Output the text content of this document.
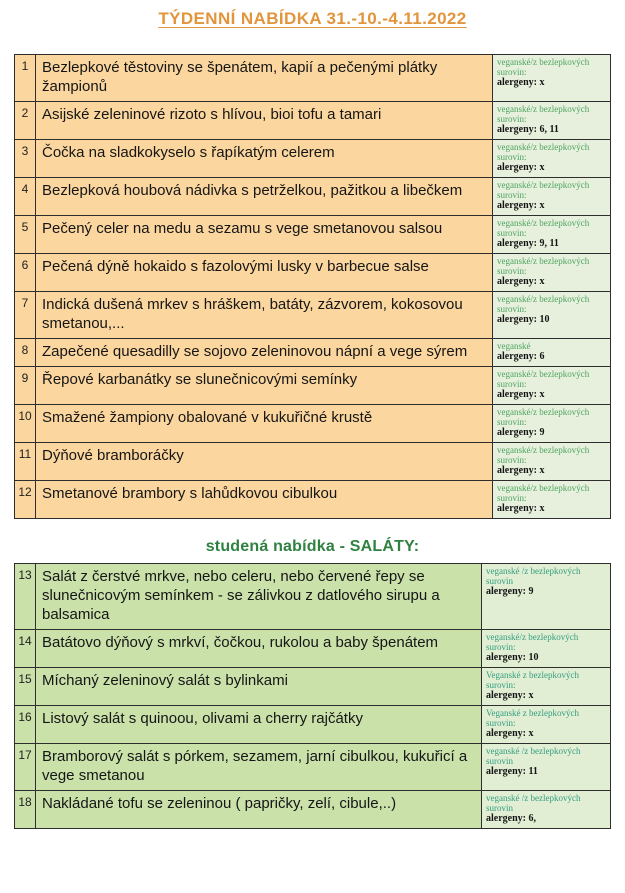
TÝDENNÍ NABÍDKA 31.-10.-4.11.2022
1 Bezlepkové těstoviny se špenátem, kapií a pečenými plátky žampionů
veganské/z bezlepkových surovin:
alergeny: x
2 Asijské zeleninové rizoto s hlívou, bioi tofu a tamari	veganské/z bezlepkových surovin:
alergeny: 6, 11
3 Čočka na sladkokyselo s řapíkatým celerem	veganské/z bezlepkových surovin:
alergeny: x
4 Bezlepková houbová nádivka s petrželkou, pažitkou a libečkem	veganské/z bezlepkových surovin:
alergeny: x
5 Pečený celer na medu a sezamu s vege smetanovou salsou	veganské/z bezlepkových surovin:
alergeny: 9, 11
6 Pečená dýně hokaido s fazolovými lusky v barbecue salse	veganské/z bezlepkových surovin:
alergeny: x
7 Indická dušená mrkev s hráškem, batáty, zázvorem, kokosovou smetanou,...
veganské/z bezlepkových surovin:
alergeny: 10
8 Zapečené quesadilly se sojovo zeleninovou nápní a vege sýrem	veganské
alergeny: 6
9 Řepové karbanátky se slunečnicovými semínky	veganské/z bezlepkových surovin:
alergeny: x
10 Smažené žampiony obalované v kukuřičné krustě	veganské/z bezlepkových surovin:
alergeny: 9
11 Dýňové bramboráčky	veganské/z bezlepkových surovin:
alergeny: x
12 Smetanové brambory s lahůdkovou cibulkou	veganské/z bezlepkových surovin:
alergeny: x
studená nabídka - SALÁTY:
13 Salát z čerstvé mrkve, nebo celeru, nebo červené řepy se slunečnicovým semínkem - se zálivkou z datlového sirupu a balsamica
veganské /z bezlepkových surovin
alergeny: 9
14 Batátovo dýňový s mrkví, čočkou, rukolou a baby špenátem	veganské/z bezlepkových surovin:
alergeny: 10
15 Míchaný zeleninový salát s bylinkami	Veganské z bezlepkových surovin:
alergeny: x
16 Listový salát s quinoou, olivami a cherry rajčátky	Veganské z bezlepkových surovin:
alergeny: x
17 Bramborový salát s pórkem, sezamem, jarní cibulkou, kukuřicí a vege smetanou
veganské /z bezlepkových surovin
alergeny: 11
18 Nakládané tofu se zeleninou ( papričky, zelí, cibule,..)	veganské /z bezlepkových surovin
alergeny: 6,
